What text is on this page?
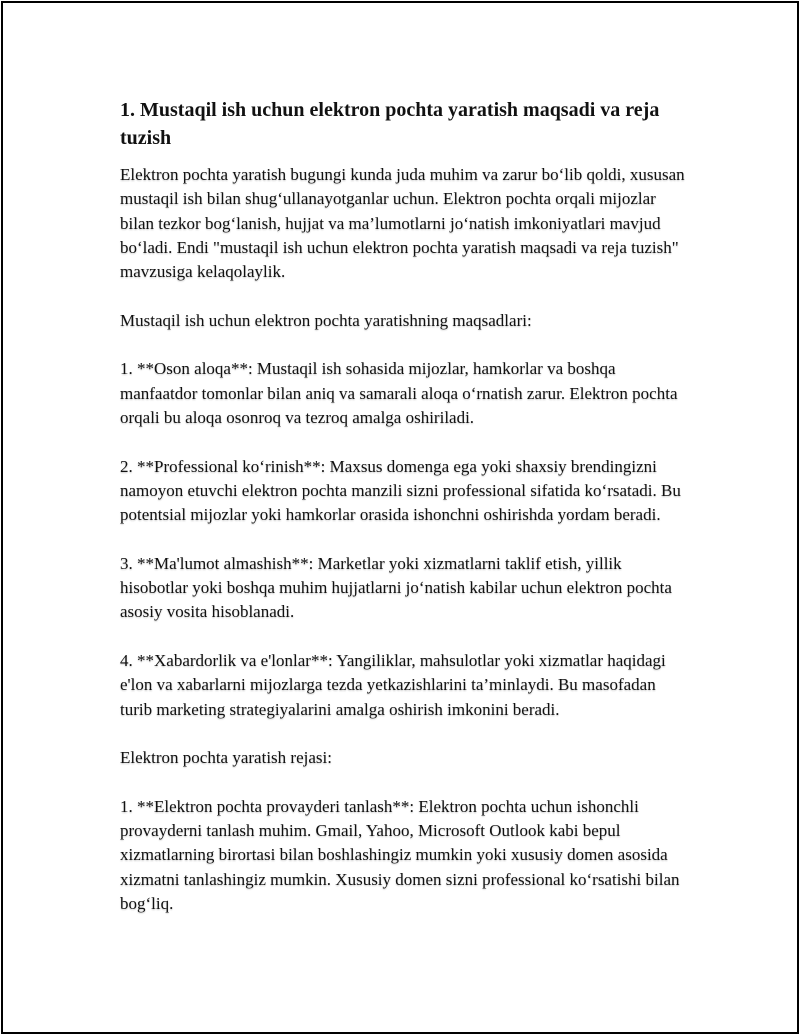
1. Mustaqil ish uchun elektron pochta yaratish maqsadi va reja tuzish

Elektron pochta yaratish bugungi kunda juda muhim va zarur bo‘lib qoldi, xususan mustaqil ish bilan shug‘ullanayotganlar uchun. Elektron pochta orqali mijozlar bilan tezkor bog‘lanish, hujjat va ma’lumotlarni jo‘natish imkoniyatlari mavjud bo‘ladi. Endi "mustaqil ish uchun elektron pochta yaratish maqsadi va reja tuzish" mavzusiga kelaqolaylik.

Mustaqil ish uchun elektron pochta yaratishning maqsadlari:

1. **Oson aloqa**: Mustaqil ish sohasida mijozlar, hamkorlar va boshqa manfaatdor tomonlar bilan aniq va samarali aloqa o‘rnatish zarur. Elektron pochta orqali bu aloqa osonroq va tezroq amalga oshiriladi.

2. **Professional ko‘rinish**: Maxsus domenga ega yoki shaxsiy brendingizni namoyon etuvchi elektron pochta manzili sizni professional sifatida ko‘rsatadi. Bu potentsial mijozlar yoki hamkorlar orasida ishonchni oshirishda yordam beradi.

3. **Ma'lumot almashish**: Marketlar yoki xizmatlarni taklif etish, yillik hisobotlar yoki boshqa muhim hujjatlarni jo‘natish kabilar uchun elektron pochta asosiy vosita hisoblanadi.

4. **Xabardorlik va e'lonlar**: Yangiliklar, mahsulotlar yoki xizmatlar haqidagi e'lon va xabarlarni mijozlarga tezda yetkazishlarini ta’minlaydi. Bu masofadan turib marketing strategiyalarini amalga oshirish imkonini beradi.

Elektron pochta yaratish rejasi:

1. **Elektron pochta provayderi tanlash**: Elektron pochta uchun ishonchli provayderni tanlash muhim. Gmail, Yahoo, Microsoft Outlook kabi bepul xizmatlarning birortasi bilan boshlashingiz mumkin yoki xususiy domen asosida xizmatni tanlashingiz mumkin. Xususiy domen sizni professional ko‘rsatishi bilan bog‘liq.
